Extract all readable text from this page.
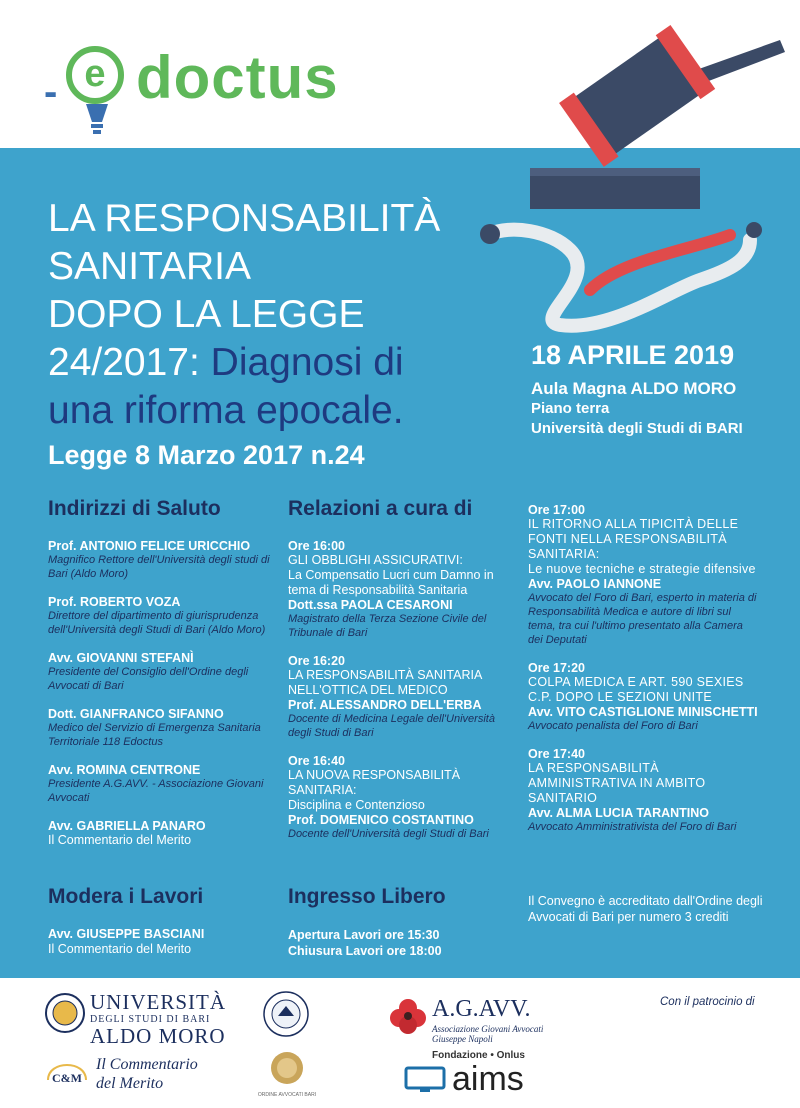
- e doctus
LA RESPONSABILITÀ
SANITARIA
DOPO LA LEGGE
24/2017: Diagnosi di
una riforma epocale.
Legge 8 Marzo 2017 n.24
18 APRILE 2019
Aula Magna ALDO MORO
Piano terra
Università degli Studi di BARI
Indirizzi di Saluto
Prof. ANTONIO FELICE URICCHIO
Magnifico Rettore dell'Università degli studi di Bari (Aldo Moro)
Prof. ROBERTO VOZA
Direttore del dipartimento di giurisprudenza dell'Università degli Studi di Bari (Aldo Moro)
Avv. GIOVANNI STEFANÌ
Presidente del Consiglio dell'Ordine degli Avvocati di Bari
Dott. GIANFRANCO SIFANNO
Medico del Servizio di Emergenza Sanitaria Territoriale 118 Edoctus
Avv. ROMINA CENTRONE
Presidente A.G.AVV. - Associazione Giovani Avvocati
Avv. GABRIELLA PANARO
Il Commentario del Merito
Relazioni a cura di
Ore 16:00
GLI OBBLIGHI ASSICURATIVI:
La Compensatio Lucri cum Damno in tema di Responsabilità Sanitaria
Dott.ssa PAOLA CESARONI
Magistrato della Terza Sezione Civile del Tribunale di Bari
Ore 16:20
LA RESPONSABILITÀ SANITARIA NELL'OTTICA DEL MEDICO
Prof. ALESSANDRO DELL'ERBA
Docente di Medicina Legale dell'Università degli Studi di Bari
Ore 16:40
LA NUOVA RESPONSABILITÀ SANITARIA:
Disciplina e Contenzioso
Prof. DOMENICO COSTANTINO
Docente dell'Università degli Studi di Bari
Ore 17:00
IL RITORNO ALLA TIPICITÀ DELLE FONTI NELLA RESPONSABILITÀ SANITARIA:
Le nuove tecniche e strategie difensive
Avv. PAOLO IANNONE
Avvocato del Foro di Bari, esperto in materia di Responsabilità Medica e autore di libri sul tema, tra cui l'ultimo presentato alla Camera dei Deputati
Ore 17:20
COLPA MEDICA E ART. 590 SEXIES C.P. DOPO LE SEZIONI UNITE
Avv. VITO CASTIGLIONE MINISCHETTI
Avvocato penalista del Foro di Bari
Ore 17:40
LA RESPONSABILITÀ AMMINISTRATIVA IN AMBITO SANITARIO
Avv. ALMA LUCIA TARANTINO
Avvocato Amministrativista del Foro di Bari
Modera i Lavori
Avv. GIUSEPPE BASCIANI
Il Commentario del Merito
Ingresso Libero
Apertura Lavori ore 15:30
Chiusura Lavori ore 18:00
Il Convegno è accreditato dall'Ordine degli Avvocati di Bari per numero 3 crediti
UNIVERSITÀ
DEGLI STUDI DI BARI
ALDO MORO
C&M
Il Commentario
del Merito
ORDINE AVVOCATI BARI
A.G.AVV.
Associazione Giovani Avvocati
Giuseppe Napoli
Fondazione • Onlus
aims
Con il patrocinio di
